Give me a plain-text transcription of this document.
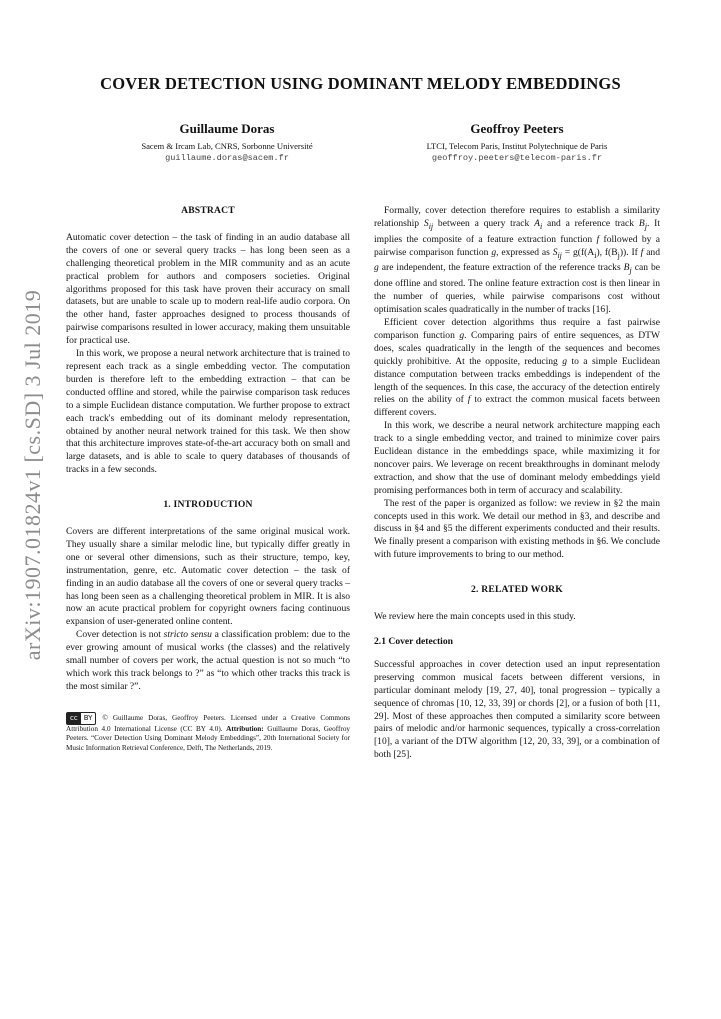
arXiv:1907.01824v1 [cs.SD] 3 Jul 2019
COVER DETECTION USING DOMINANT MELODY EMBEDDINGS
Guillaume Doras
Sacem & Ircam Lab, CNRS, Sorbonne Université
guillaume.doras@sacem.fr
Geoffroy Peeters
LTCI, Telecom Paris, Institut Polytechnique de Paris
geoffroy.peeters@telecom-paris.fr
ABSTRACT

Automatic cover detection – the task of finding in an audio database all the covers of one or several query tracks – has long been seen as a challenging theoretical problem in the MIR community and as an acute practical problem for authors and composers societies. Original algorithms proposed for this task have proven their accuracy on small datasets, but are unable to scale up to modern real-life audio corpora. On the other hand, faster approaches designed to process thousands of pairwise comparisons resulted in lower accuracy, making them unsuitable for practical use.

In this work, we propose a neural network architecture that is trained to represent each track as a single embedding vector. The computation burden is therefore left to the embedding extraction – that can be conducted offline and stored, while the pairwise comparison task reduces to a simple Euclidean distance computation. We further propose to extract each track's embedding out of its dominant melody representation, obtained by another neural network trained for this task. We then show that this architecture improves state-of-the-art accuracy both on small and large datasets, and is able to scale to query databases of thousands of tracks in a few seconds.

1. INTRODUCTION

Covers are different interpretations of the same original musical work. They usually share a similar melodic line, but typically differ greatly in one or several other dimensions, such as their structure, tempo, key, instrumentation, genre, etc. Automatic cover detection – the task of finding in an audio database all the covers of one or several query tracks – has long been seen as a challenging theoretical problem in MIR. It is also now an acute practical problem for copyright owners facing continuous expansion of user-generated online content.

Cover detection is not stricto sensu a classification problem: due to the ever growing amount of musical works (the classes) and the relatively small number of covers per work, the actual question is not so much “to which work this track belongs to ?” as “to which other tracks this track is the most similar ?”.

cc BY	© Guillaume Doras, Geoffroy Peeters. Licensed under a Creative Commons Attribution 4.0 International License (CC BY 4.0). Attribution: Guillaume Doras, Geoffroy Peeters. “Cover Detection Using Dominant Melody Embeddings”, 20th International Society for Music Information Retrieval Conference, Delft, The Netherlands, 2019.

Formally, cover detection therefore requires to establish a similarity relationship $S_{ij}$ between a query track $A_i$ and a reference track $B_j$. It implies the composite of a feature extraction function f followed by a pairwise comparison function g, expressed as $S_{ij} = g(f(A_i)$, $f(B_j)$). If f and g are independent, the feature extraction of the reference tracks $B_j$ can be done offline and stored. The online feature extraction cost is then linear in the number of queries, while pairwise comparisons cost without optimisation scales quadratically in the number of tracks [16].

Efficient cover detection algorithms thus require a fast pairwise comparison function g. Comparing pairs of entire sequences, as DTW does, scales quadratically in the length of the sequences and becomes quickly prohibitive. At the opposite, reducing g to a simple Euclidean distance computation between tracks embeddings is independent of the length of the sequences. In this case, the accuracy of the detection entirely relies on the ability of f to extract the common musical facets between different covers.

In this work, we describe a neural network architecture mapping each track to a single embedding vector, and trained to minimize cover pairs Euclidean distance in the embeddings space, while maximizing it for noncover pairs. We leverage on recent breakthroughs in dominant melody extraction, and show that the use of dominant melody embeddings yield promising performances both in term of accuracy and scalability.

The rest of the paper is organized as follow: we review in §2 the main concepts used in this work. We detail our method in §3, and describe and discuss in §4 and §5 the different experiments conducted and their results. We finally present a comparison with existing methods in §6. We conclude with future improvements to bring to our method.

2. RELATED WORK

We review here the main concepts used in this study.

2.1 Cover detection

Successful approaches in cover detection used an input representation preserving common musical facets between different versions, in particular dominant melody [19, 27, 40], tonal progression – typically a sequence of chromas [10, 12, 33, 39] or chords [2], or a fusion of both [11, 29]. Most of these approaches then computed a similarity score between pairs of melodic and/or harmonic sequences, typically a cross-correlation [10], a variant of the DTW algorithm [12, 20, 33, 39], or a combination of both [25].
